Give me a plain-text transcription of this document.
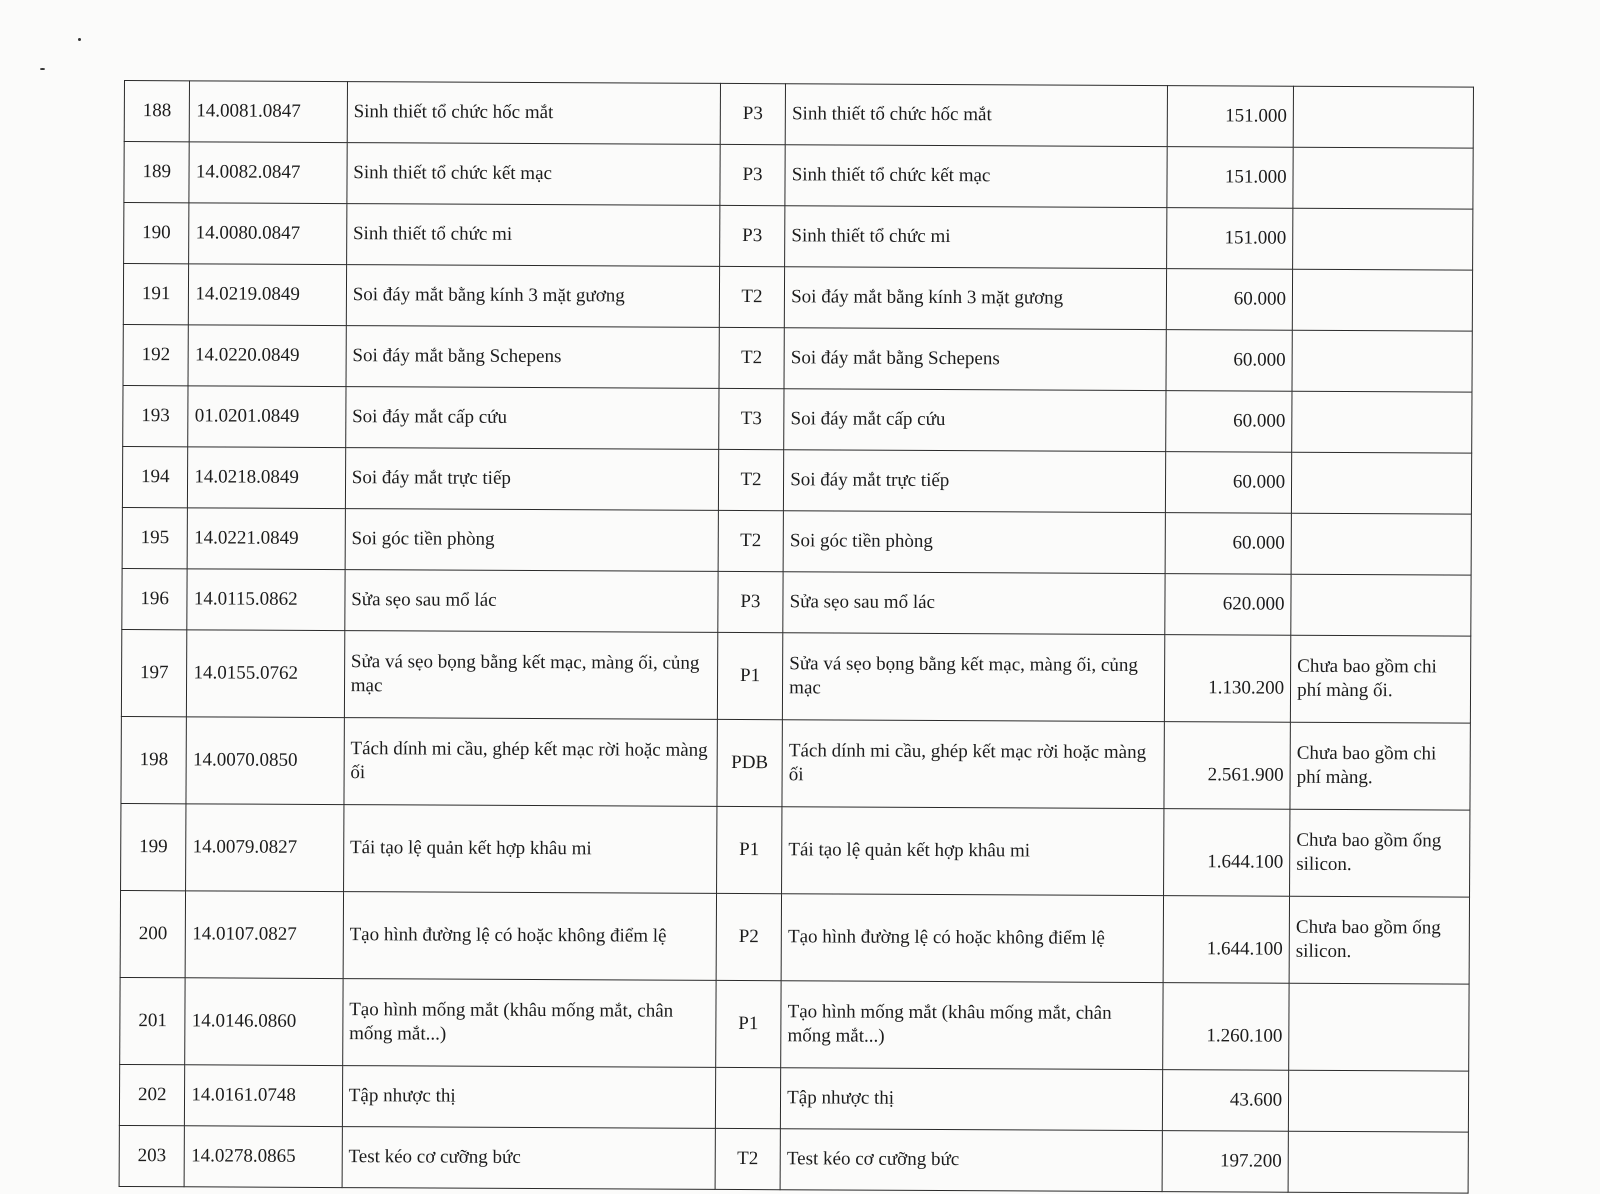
188	14.0081.0847	Sinh thiết tổ chức hốc mắt	P3	Sinh thiết tổ chức hốc mắt	151.000	
189	14.0082.0847	Sinh thiết tổ chức kết mạc	P3	Sinh thiết tổ chức kết mạc	151.000	
190	14.0080.0847	Sinh thiết tổ chức mi	P3	Sinh thiết tổ chức mi	151.000	
191	14.0219.0849	Soi đáy mắt bằng kính 3 mặt gương	T2	Soi đáy mắt bằng kính 3 mặt gương	60.000	
192	14.0220.0849	Soi đáy mắt bằng Schepens	T2	Soi đáy mắt bằng Schepens	60.000	
193	01.0201.0849	Soi đáy mắt cấp cứu	T3	Soi đáy mắt cấp cứu	60.000	
194	14.0218.0849	Soi đáy mắt trực tiếp	T2	Soi đáy mắt trực tiếp	60.000	
195	14.0221.0849	Soi góc tiền phòng	T2	Soi góc tiền phòng	60.000	
196	14.0115.0862	Sửa sẹo sau mổ lác	P3	Sửa sẹo sau mổ lác	620.000	
197	14.0155.0762	Sửa vá sẹo bọng bằng kết mạc, màng ối, củng mạc	P1	Sửa vá sẹo bọng bằng kết mạc, màng ối, củng mạc	1.130.200	Chưa bao gồm chi phí màng ối.
198	14.0070.0850	Tách dính mi cầu, ghép kết mạc rời hoặc màng ối	PDB	Tách dính mi cầu, ghép kết mạc rời hoặc màng ối	2.561.900	Chưa bao gồm chi phí màng.
199	14.0079.0827	Tái tạo lệ quản kết hợp khâu mi	P1	Tái tạo lệ quản kết hợp khâu mi	1.644.100	Chưa bao gồm ống silicon.
200	14.0107.0827	Tạo hình đường lệ có hoặc không điểm lệ	P2	Tạo hình đường lệ có hoặc không điểm lệ	1.644.100	Chưa bao gồm ống silicon.
201	14.0146.0860	Tạo hình mống mắt (khâu mống mắt, chân mống mắt...)	P1	Tạo hình mống mắt (khâu mống mắt, chân mống mắt...)	1.260.100	
202	14.0161.0748	Tập nhược thị		Tập nhược thị	43.600	
203	14.0278.0865	Test kéo cơ cưỡng bức	T2	Test kéo cơ cưỡng bức	197.200	
